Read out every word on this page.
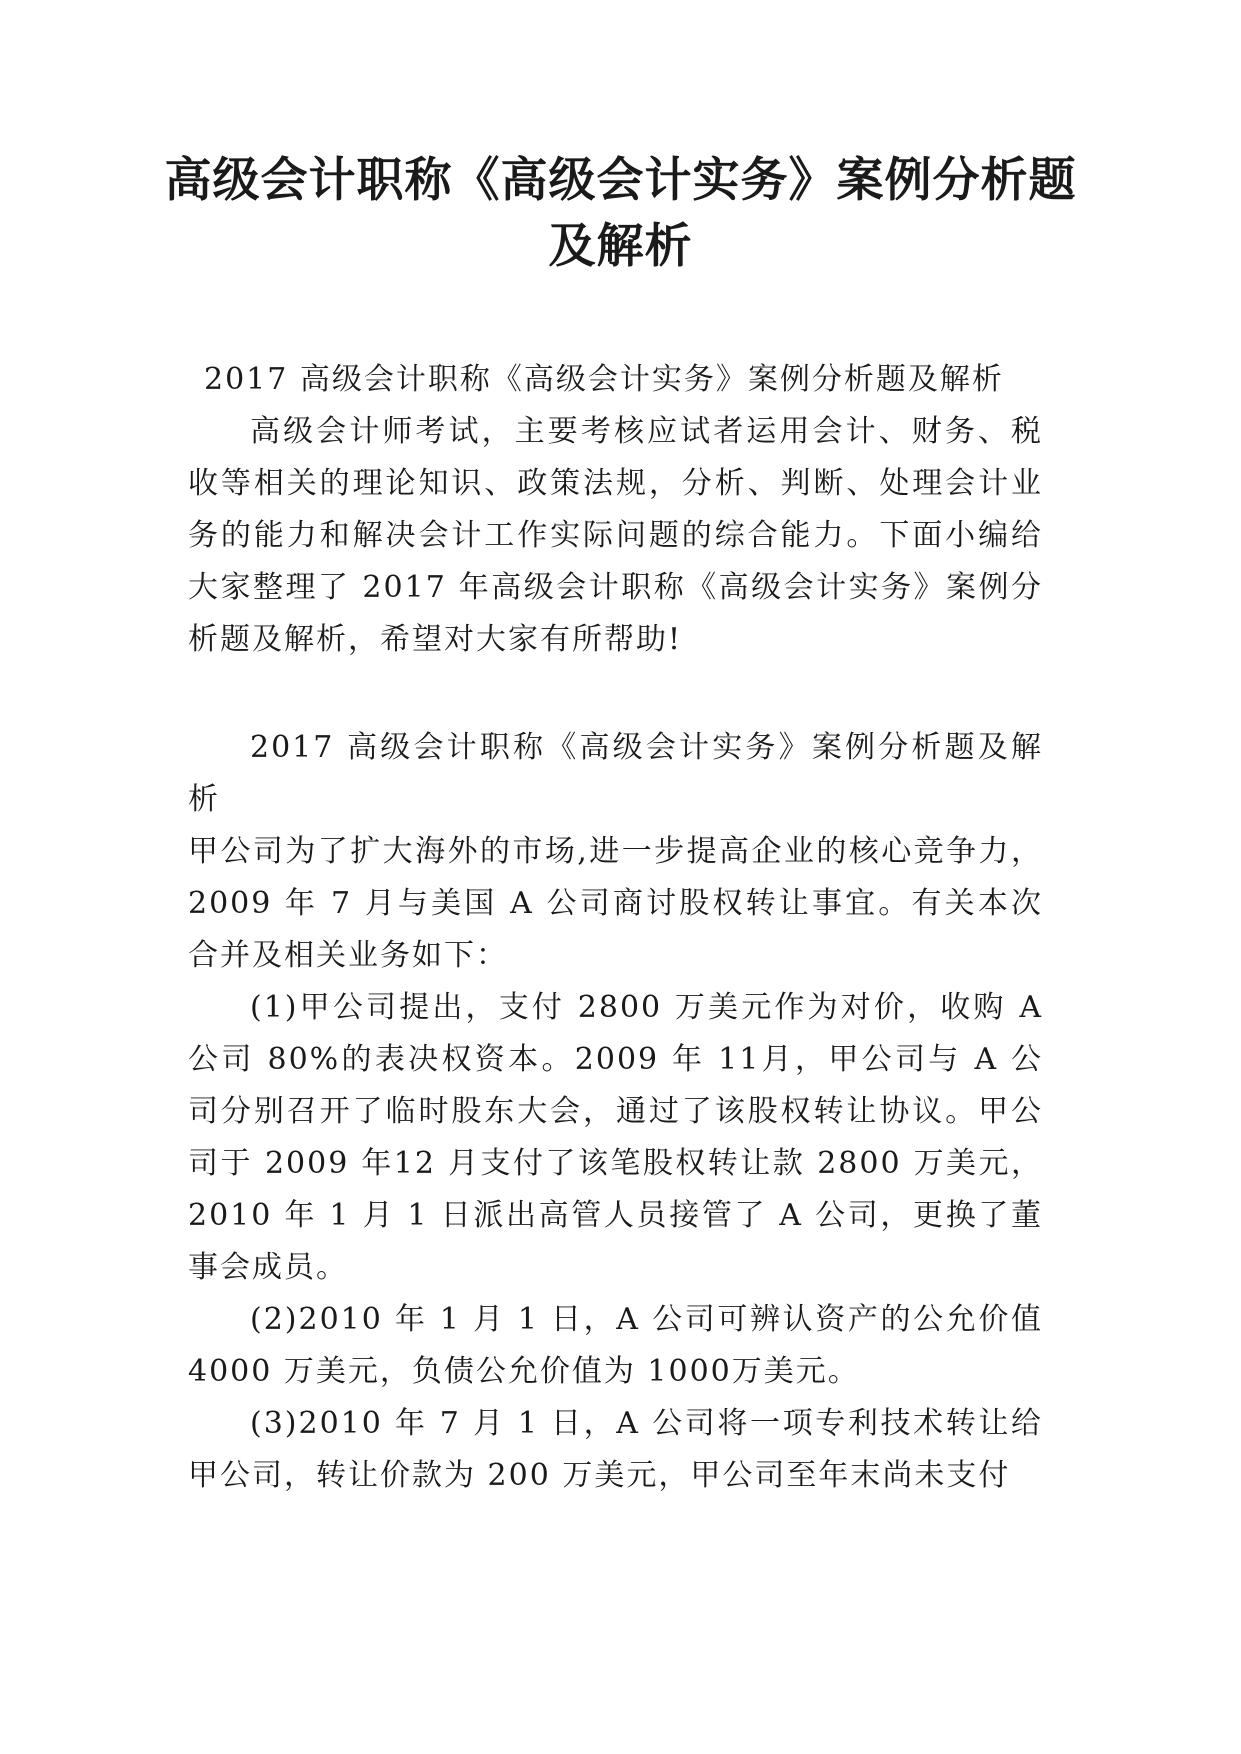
高级会计职称《高级会计实务》案例分析题
及解析

2017 高级会计职称《高级会计实务》案例分析题及解析

高级会计师考试，主要考核应试者运用会计、财务、税收等相关的理论知识、政策法规，分析、判断、处理会计业务的能力和解决会计工作实际问题的综合能力。下面小编给大家整理了 2017 年高级会计职称《高级会计实务》案例分析题及解析，希望对大家有所帮助!

2017 高级会计职称《高级会计实务》案例分析题及解析

甲公司为了扩大海外的市场,进一步提高企业的核心竞争力，2009 年 7 月与美国 A 公司商讨股权转让事宜。有关本次合并及相关业务如下：

(1)甲公司提出，支付 2800 万美元作为对价，收购 A 公司 80%的表决权资本。2009 年 11月，甲公司与 A 公司分别召开了临时股东大会，通过了该股权转让协议。甲公司于 2009 年12 月支付了该笔股权转让款 2800 万美元，2010 年 1 月 1 日派出高管人员接管了 A 公司，更换了董事会成员。

(2)2010 年 1 月 1 日，A 公司可辨认资产的公允价值 4000 万美元，负债公允价值为 1000万美元。

(3)2010 年 7 月 1 日，A 公司将一项专利技术转让给甲公司，转让价款为 200 万美元，甲公司至年末尚未支付
